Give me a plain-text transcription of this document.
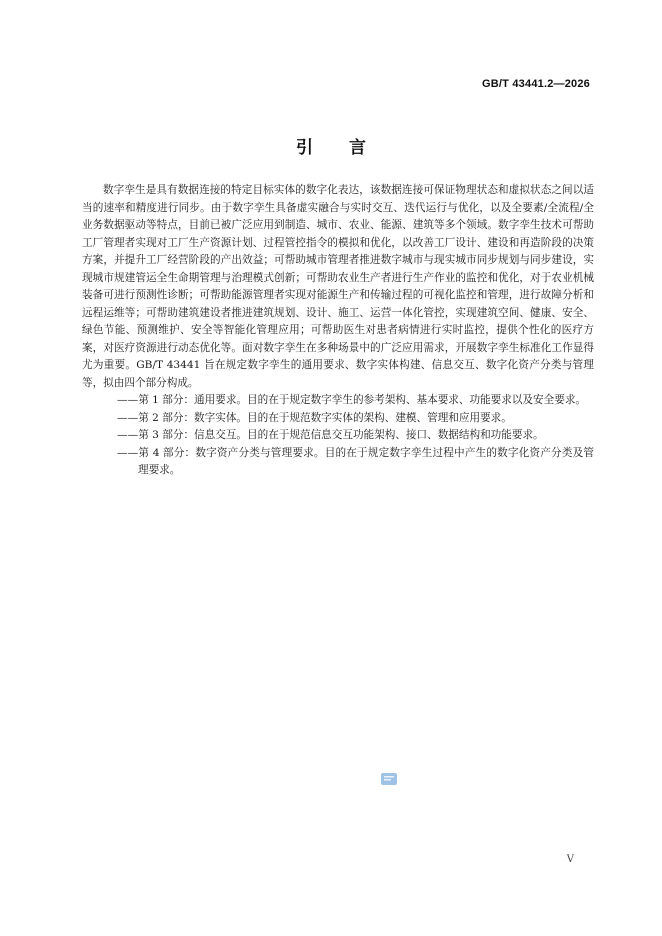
GB/T 43441.2—2026
引言

数字孪生是具有数据连接的特定目标实体的数字化表达，该数据连接可保证物理状态和虚拟状态之间以适当的速率和精度进行同步。由于数字孪生具备虚实融合与实时交互、迭代运行与优化，以及全要素/全流程/全业务数据驱动等特点，目前已被广泛应用到制造、城市、农业、能源、建筑等多个领域。数字孪生技术可帮助工厂管理者实现对工厂生产资源计划、过程管控指令的模拟和优化，以改善工厂设计、建设和再造阶段的决策方案，并提升工厂经营阶段的产出效益；可帮助城市管理者推进数字城市与现实城市同步规划与同步建设，实现城市规建管运全生命期管理与治理模式创新；可帮助农业生产者进行生产作业的监控和优化，对于农业机械装备可进行预测性诊断；可帮助能源管理者实现对能源生产和传输过程的可视化监控和管理，进行故障分析和远程运维等；可帮助建筑建设者推进建筑规划、设计、施工、运营一体化管控，实现建筑空间、健康、安全、绿色节能、预测维护、安全等智能化管理应用；可帮助医生对患者病情进行实时监控，提供个性化的医疗方案，对医疗资源进行动态优化等。面对数字孪生在多种场景中的广泛应用需求，开展数字孪生标准化工作显得尤为重要。GB/T 43441 旨在规定数字孪生的通用要求、数字实体构建、信息交互、数字化资产分类与管理等，拟由四个部分构成。

——第 1 部分：通用要求。目的在于规定数字孪生的参考架构、基本要求、功能要求以及安全要求。

——第 2 部分：数字实体。目的在于规范数字实体的架构、建模、管理和应用要求。

——第 3 部分：信息交互。目的在于规范信息交互功能架构、接口、数据结构和功能要求。

——第 4 部分：数字资产分类与管理要求。目的在于规定数字孪生过程中产生的数字化资产分类及管理要求。

V
